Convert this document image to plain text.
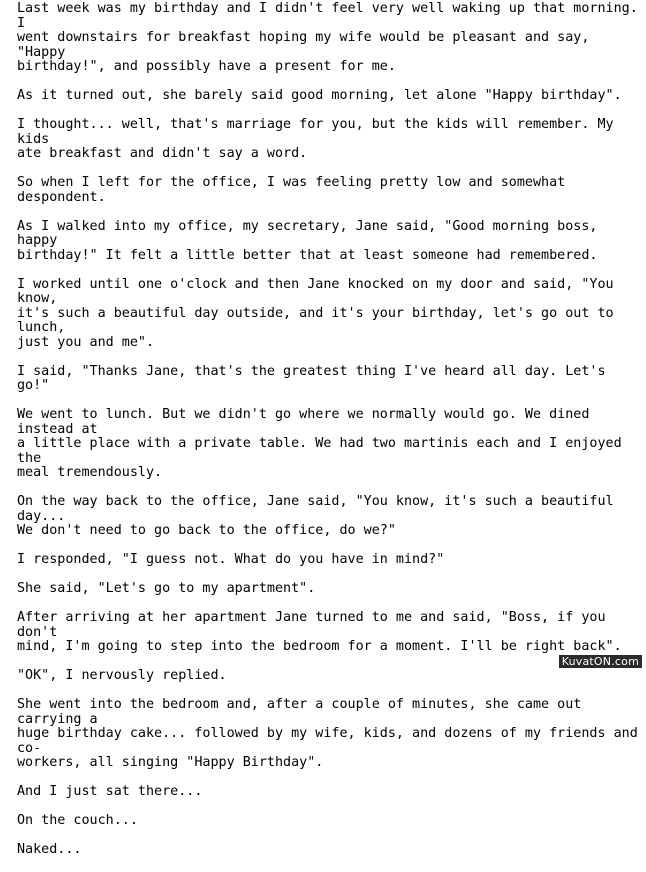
Last week was my birthday and I didn't feel very well waking up that morning. I
went downstairs for breakfast hoping my wife would be pleasant and say, "Happy
birthday!", and possibly have a present for me.

As it turned out, she barely said good morning, let alone "Happy birthday".

I thought... well, that's marriage for you, but the kids will remember. My kids
ate breakfast and didn't say a word.

So when I left for the office, I was feeling pretty low and somewhat despondent.

As I walked into my office, my secretary, Jane said, "Good morning boss, happy
birthday!" It felt a little better that at least someone had remembered.

I worked until one o'clock and then Jane knocked on my door and said, "You know,
it's such a beautiful day outside, and it's your birthday, let's go out to lunch,
just you and me".

I said, "Thanks Jane, that's the greatest thing I've heard all day. Let's go!"

We went to lunch. But we didn't go where we normally would go. We dined instead at
a little place with a private table. We had two martinis each and I enjoyed the
meal tremendously.

On the way back to the office, Jane said, "You know, it's such a beautiful day...
We don't need to go back to the office, do we?"

I responded, "I guess not. What do you have in mind?"

She said, "Let's go to my apartment".

After arriving at her apartment Jane turned to me and said, "Boss, if you don't
mind, I'm going to step into the bedroom for a moment. I'll be right back".

"OK", I nervously replied.

She went into the bedroom and, after a couple of minutes, she came out carrying a
huge birthday cake... followed by my wife, kids, and dozens of my friends and co-
workers, all singing "Happy Birthday".

And I just sat there...

On the couch...

Naked...

KuvatON.com
